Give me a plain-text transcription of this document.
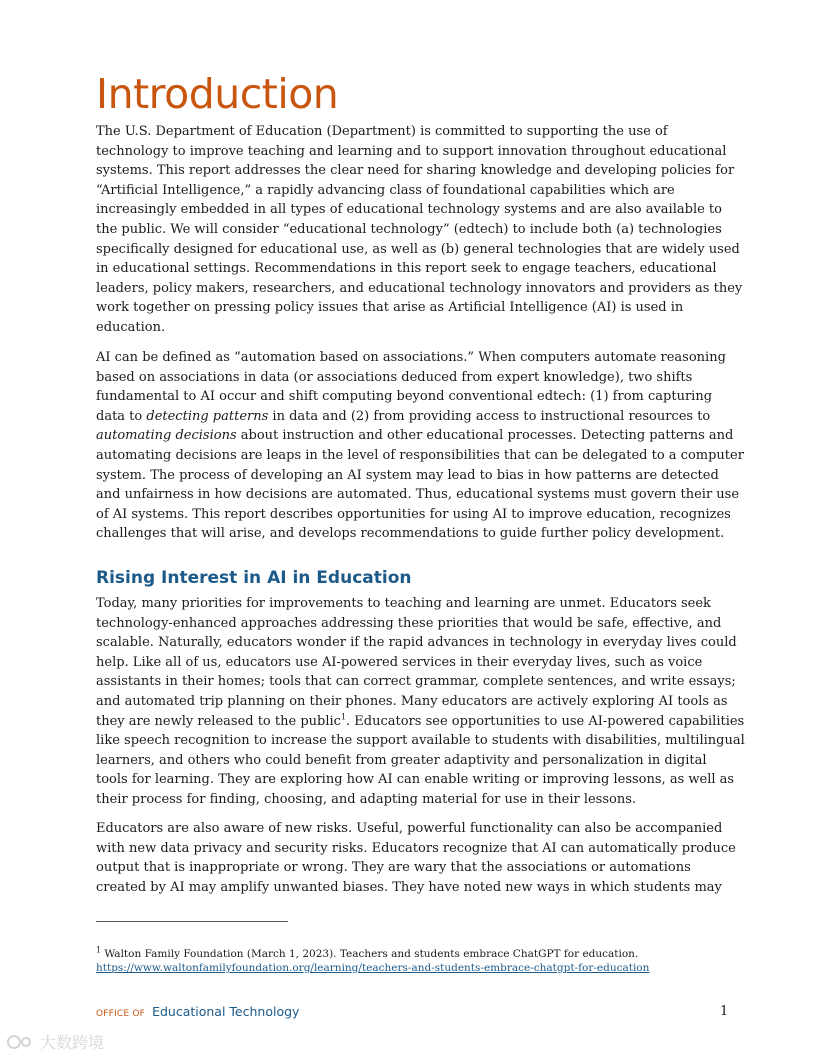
Introduction

The U.S. Department of Education (Department) is committed to supporting the use of
technology to improve teaching and learning and to support innovation throughout educational
systems. This report addresses the clear need for sharing knowledge and developing policies for
“Artificial Intelligence,” a rapidly advancing class of foundational capabilities which are
increasingly embedded in all types of educational technology systems and are also available to
the public. We will consider “educational technology” (edtech) to include both (a) technologies
specifically designed for educational use, as well as (b) general technologies that are widely used
in educational settings. Recommendations in this report seek to engage teachers, educational
leaders, policy makers, researchers, and educational technology innovators and providers as they
work together on pressing policy issues that arise as Artificial Intelligence (AI) is used in
education.

AI can be defined as “automation based on associations.” When computers automate reasoning
based on associations in data (or associations deduced from expert knowledge), two shifts
fundamental to AI occur and shift computing beyond conventional edtech: (1) from capturing
data to detecting patterns in data and (2) from providing access to instructional resources to
automating decisions about instruction and other educational processes. Detecting patterns and
automating decisions are leaps in the level of responsibilities that can be delegated to a computer
system. The process of developing an AI system may lead to bias in how patterns are detected
and unfairness in how decisions are automated. Thus, educational systems must govern their use
of AI systems. This report describes opportunities for using AI to improve education, recognizes
challenges that will arise, and develops recommendations to guide further policy development.

Rising Interest in AI in Education

Today, many priorities for improvements to teaching and learning are unmet. Educators seek
technology-enhanced approaches addressing these priorities that would be safe, effective, and
scalable. Naturally, educators wonder if the rapid advances in technology in everyday lives could
help. Like all of us, educators use AI-powered services in their everyday lives, such as voice
assistants in their homes; tools that can correct grammar, complete sentences, and write essays;
and automated trip planning on their phones. Many educators are actively exploring AI tools as
they are newly released to the public$^1$. Educators see opportunities to use AI-powered capabilities
like speech recognition to increase the support available to students with disabilities, multilingual
learners, and others who could benefit from greater adaptivity and personalization in digital
tools for learning. They are exploring how AI can enable writing or improving lessons, as well as
their process for finding, choosing, and adapting material for use in their lessons.

Educators are also aware of new risks. Useful, powerful functionality can also be accompanied
with new data privacy and security risks. Educators recognize that AI can automatically produce
output that is inappropriate or wrong. They are wary that the associations or automations
created by AI may amplify unwanted biases. They have noted new ways in which students may

$^1$ Walton Family Foundation (March 1, 2023). Teachers and students embrace ChatGPT for education.
https://www.waltonfamilyfoundation.org/learning/teachers-and-students-embrace-chatgpt-for-education
OFFICE OF Educational Technology	1
大数跨境
